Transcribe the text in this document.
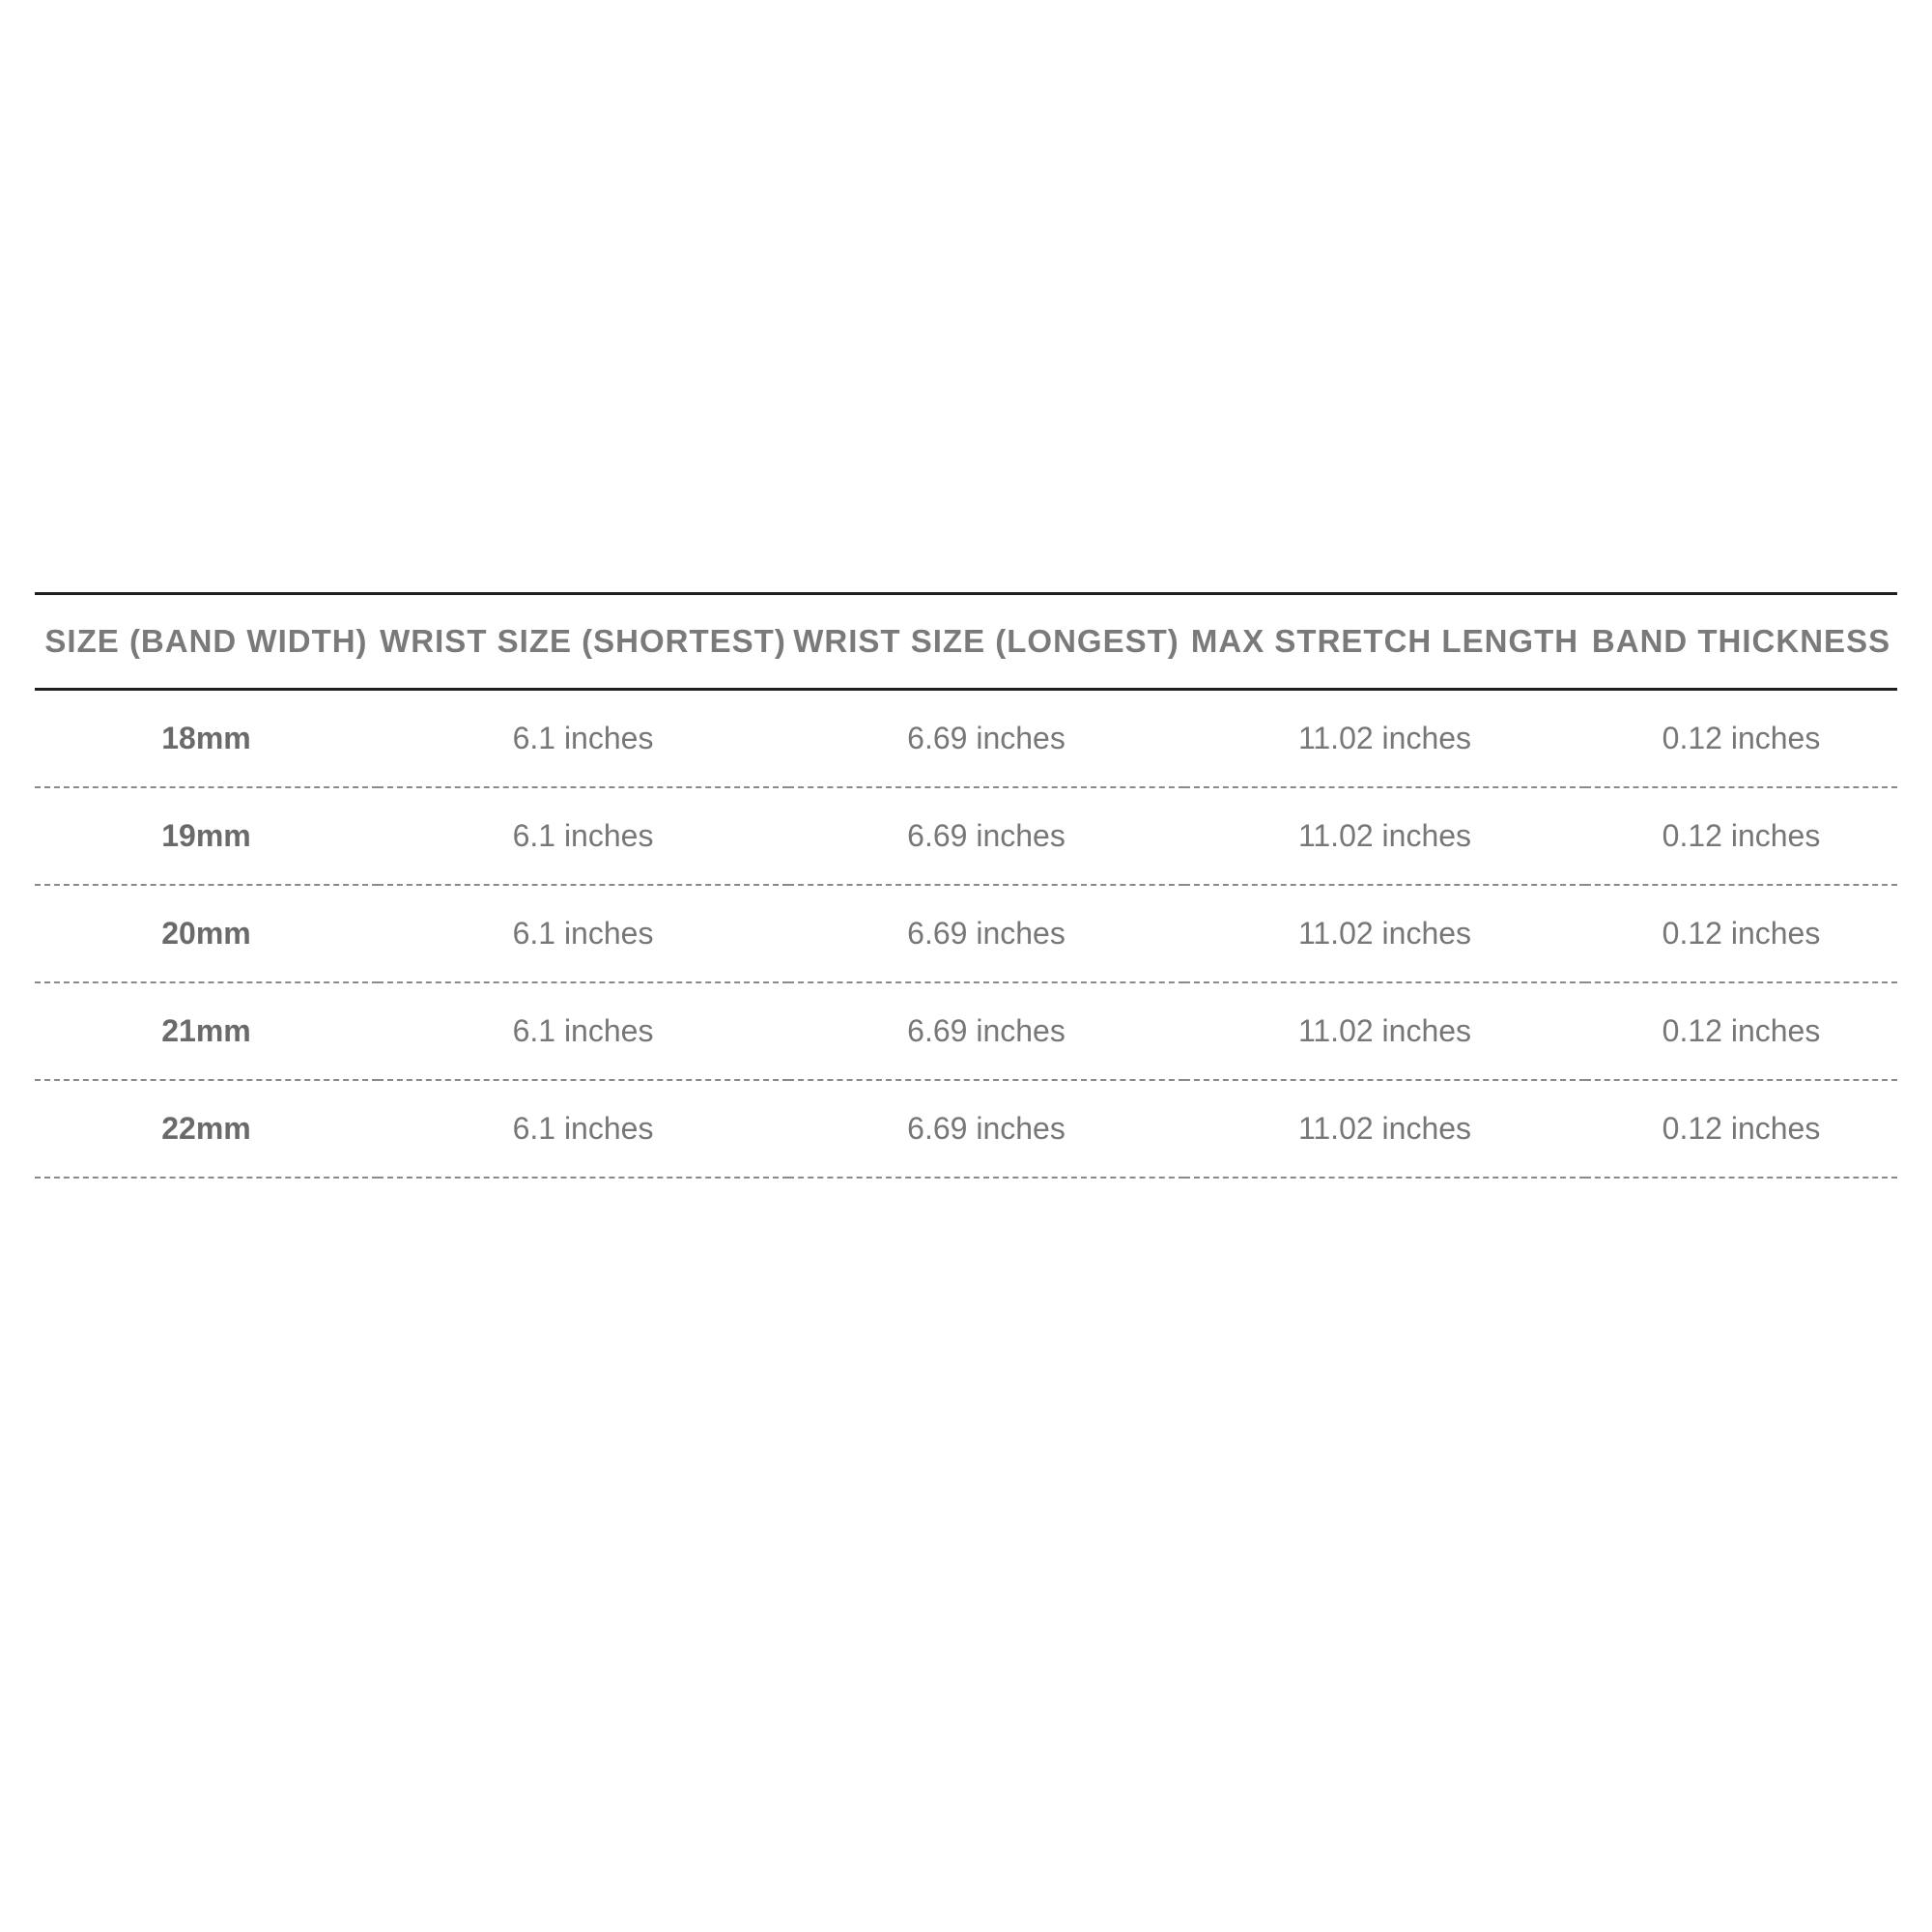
SIZE (BAND WIDTH)	WRIST SIZE (SHORTEST)	WRIST SIZE (LONGEST)	MAX STRETCH LENGTH	BAND THICKNESS
18mm	6.1 inches	6.69 inches	11.02 inches	0.12 inches
19mm	6.1 inches	6.69 inches	11.02 inches	0.12 inches
20mm	6.1 inches	6.69 inches	11.02 inches	0.12 inches
21mm	6.1 inches	6.69 inches	11.02 inches	0.12 inches
22mm	6.1 inches	6.69 inches	11.02 inches	0.12 inches
